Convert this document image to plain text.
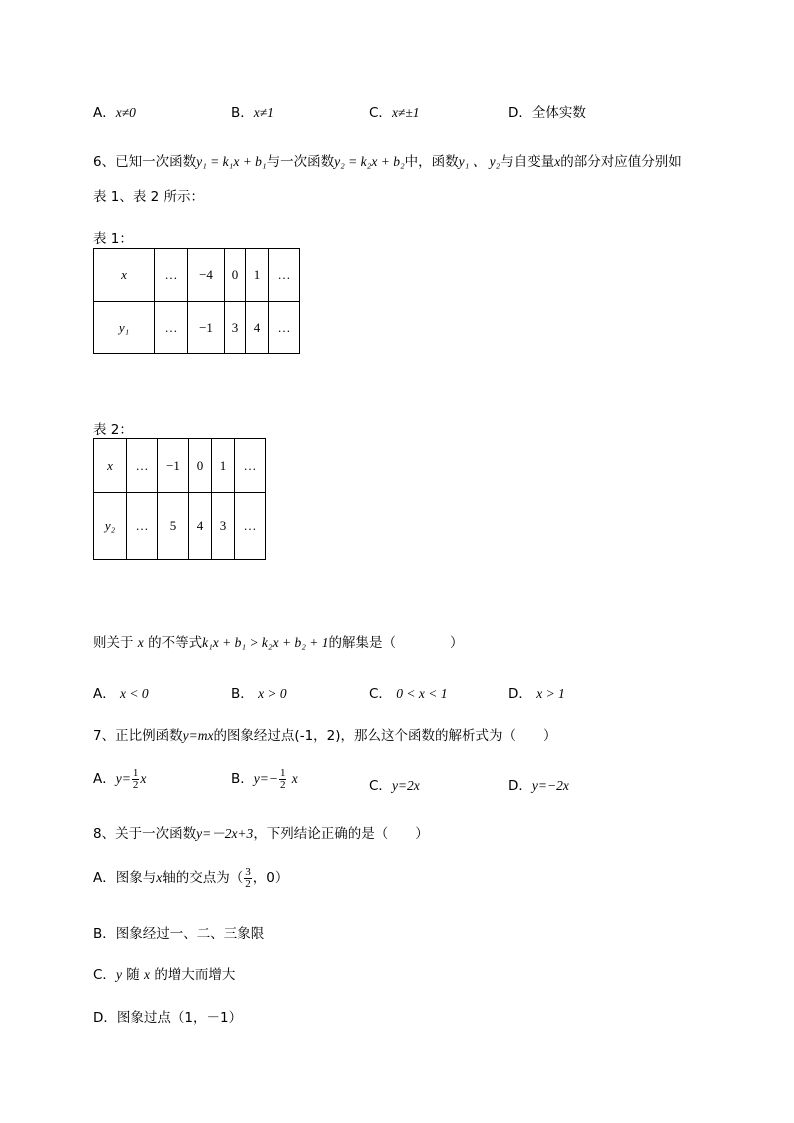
A．x≠0	B．x≠1	C．x≠±1	D．全体实数
6、已知一次函数y₁ = k₁x + b₁与一次函数y₂ = k₂x + b₂中，函数y₁ 、 y₂与自变量x的部分对应值分别如
表 1、表 2 所示：
表 1：
x	…	−4	0	1	…
y₁	…	−1	3	4	…
表 2：
x	…	−1	0	1	…
y₂	…	5	4	3	…
则关于 x 的不等式k₁x + b₁ > k₂x + b₂ + 1的解集是（　　　　）
A． x < 0	B． x > 0	C． 0 < x < 1	D． x > 1
7、正比例函数y=mx的图象经过点(-1，2)，那么这个函数的解析式为（　　）
A．$y= \frac{1}{2}$ x	B．$y=- \frac{1}{2}$ x	C．y=2x	D．y=−2x
8、关于一次函数y=－2x+3，下列结论正确的是（　　）
A．图象与x轴的交点为（ $\frac{3}{2}$ ，0）
B．图象经过一、二、三象限
C．y 随 x 的增大而增大
D．图象过点（1，－1）
